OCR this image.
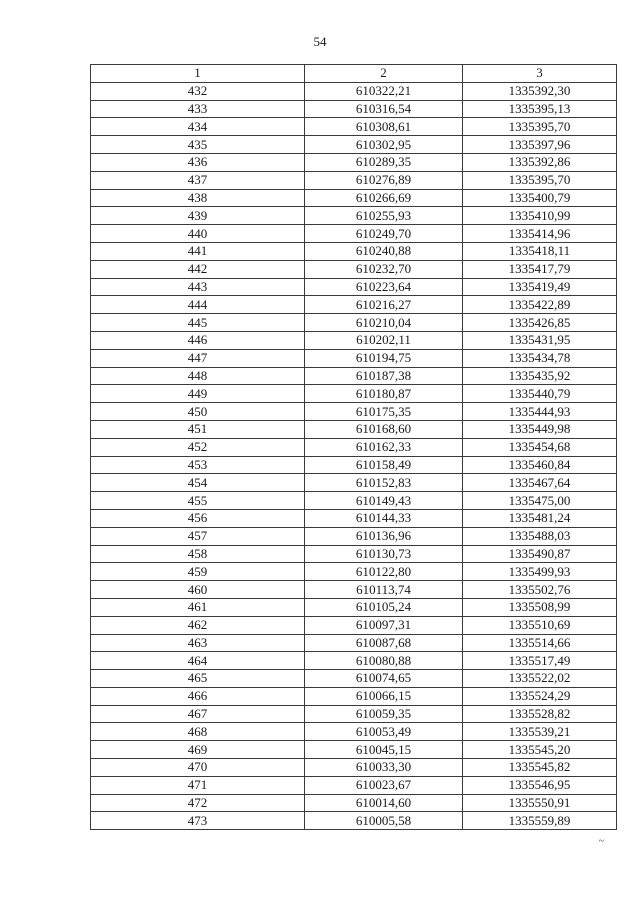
54
1	2	3
432	610322,21	1335392,30
433	610316,54	1335395,13
434	610308,61	1335395,70
435	610302,95	1335397,96
436	610289,35	1335392,86
437	610276,89	1335395,70
438	610266,69	1335400,79
439	610255,93	1335410,99
440	610249,70	1335414,96
441	610240,88	1335418,11
442	610232,70	1335417,79
443	610223,64	1335419,49
444	610216,27	1335422,89
445	610210,04	1335426,85
446	610202,11	1335431,95
447	610194,75	1335434,78
448	610187,38	1335435,92
449	610180,87	1335440,79
450	610175,35	1335444,93
451	610168,60	1335449,98
452	610162,33	1335454,68
453	610158,49	1335460,84
454	610152,83	1335467,64
455	610149,43	1335475,00
456	610144,33	1335481,24
457	610136,96	1335488,03
458	610130,73	1335490,87
459	610122,80	1335499,93
460	610113,74	1335502,76
461	610105,24	1335508,99
462	610097,31	1335510,69
463	610087,68	1335514,66
464	610080,88	1335517,49
465	610074,65	1335522,02
466	610066,15	1335524,29
467	610059,35	1335528,82
468	610053,49	1335539,21
469	610045,15	1335545,20
470	610033,30	1335545,82
471	610023,67	1335546,95
472	610014,60	1335550,91
473	610005,58	1335559,89
~
